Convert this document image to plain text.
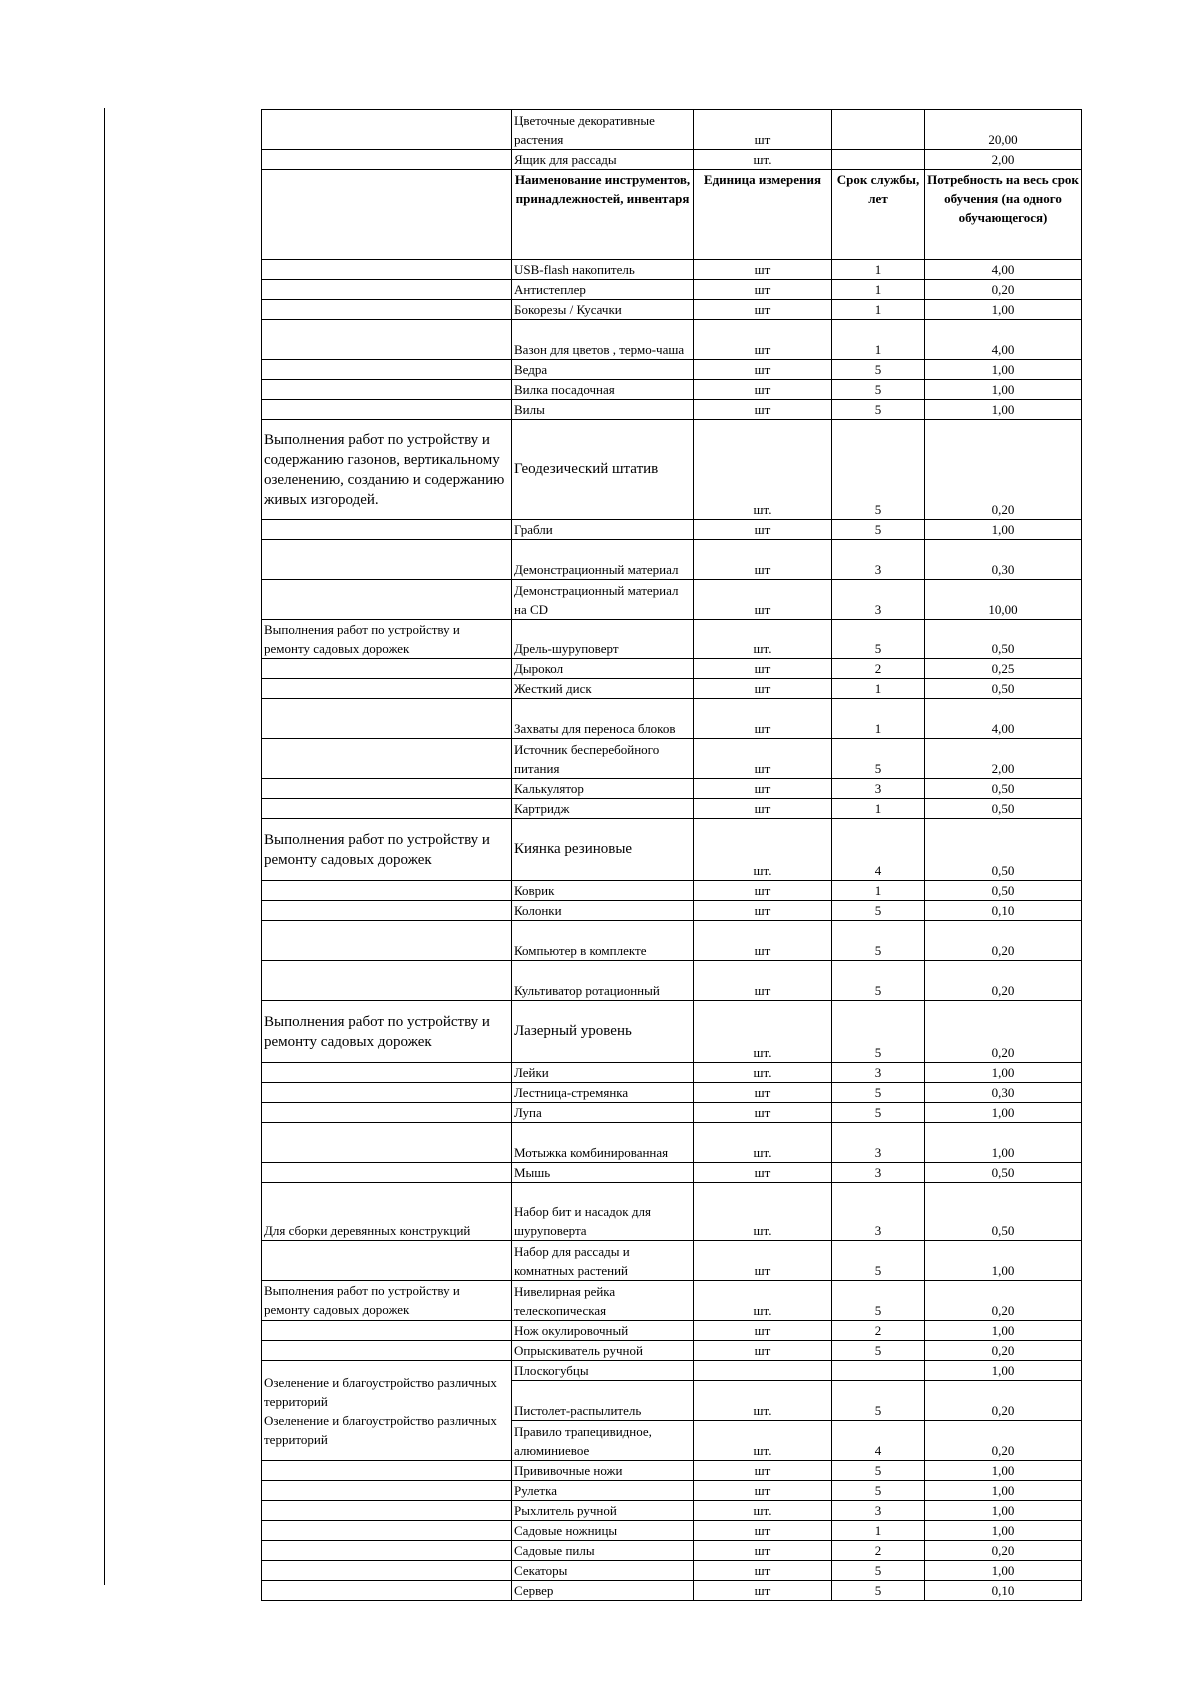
	Цветочные декоративные растения	шт		20,00
	Ящик для рассады	шт.		2,00
	Наименование инструментов, принадлежностей, инвентаря	Единица измерения	Срок службы, лет	Потребность на весь срок обучения (на одного обучающегося)
	USB-flash накопитель	шт	1	4,00
	Антистеплер	шт	1	0,20
	Бокорезы / Кусачки	шт	1	1,00
	Вазон для цветов , термо-чаша	шт	1	4,00
	Ведра	шт	5	1,00
	Вилка посадочная	шт	5	1,00
	Вилы	шт	5	1,00
Выполнения работ по устройству и содержанию газонов, вертикальному озеленению, созданию и содержанию живых изгородей.	Геодезический штатив	шт.	5	0,20
	Грабли	шт	5	1,00
	Демонстрационный материал	шт	3	0,30
	Демонстрационный материал на CD	шт	3	10,00
Выполнения работ по устройству и ремонту садовых дорожек	Дрель-шуруповерт	шт.	5	0,50
	Дырокол	шт	2	0,25
	Жесткий диск	шт	1	0,50
	Захваты для переноса блоков	шт	1	4,00
	Источник бесперебойного питания	шт	5	2,00
	Калькулятор	шт	3	0,50
	Картридж	шт	1	0,50
Выполнения работ по устройству и ремонту садовых дорожек	Киянка резиновые	шт.	4	0,50
	Коврик	шт	1	0,50
	Колонки	шт	5	0,10
	Компьютер в комплекте	шт	5	0,20
	Культиватор ротационный	шт	5	0,20
Выполнения работ по устройству и ремонту садовых дорожек	Лазерный уровень	шт.	5	0,20
	Лейки	шт.	3	1,00
	Лестница-стремянка	шт	5	0,30
	Лупа	шт	5	1,00
	Мотыжка комбинированная	шт.	3	1,00
	Мышь	шт	3	0,50
Для сборки деревянных конструкций	Набор бит и насадок для шуруповерта	шт.	3	0,50
	Набор для рассады и комнатных растений	шт	5	1,00
Выполнения работ по устройству и ремонту садовых дорожек	Нивелирная рейка телескопическая	шт.	5	0,20
	Нож окулировочный	шт	2	1,00
	Опрыскиватель ручной	шт	5	0,20

Озеленение и благоустройство различных территорий
Озеленение и благоустройство различных территорий	Плоскогубцы			1,00
	Пистолет-распылитель	шт.	5	0,20
	Правило трапецивидное, алюминиевое	шт.	4	0,20
	Прививочные ножи	шт	5	1,00
	Рулетка	шт	5	1,00
	Рыхлитель ручной	шт.	3	1,00
	Садовые ножницы	шт	1	1,00
	Садовые пилы	шт	2	0,20
	Секаторы	шт	5	1,00
	Сервер	шт	5	0,10
